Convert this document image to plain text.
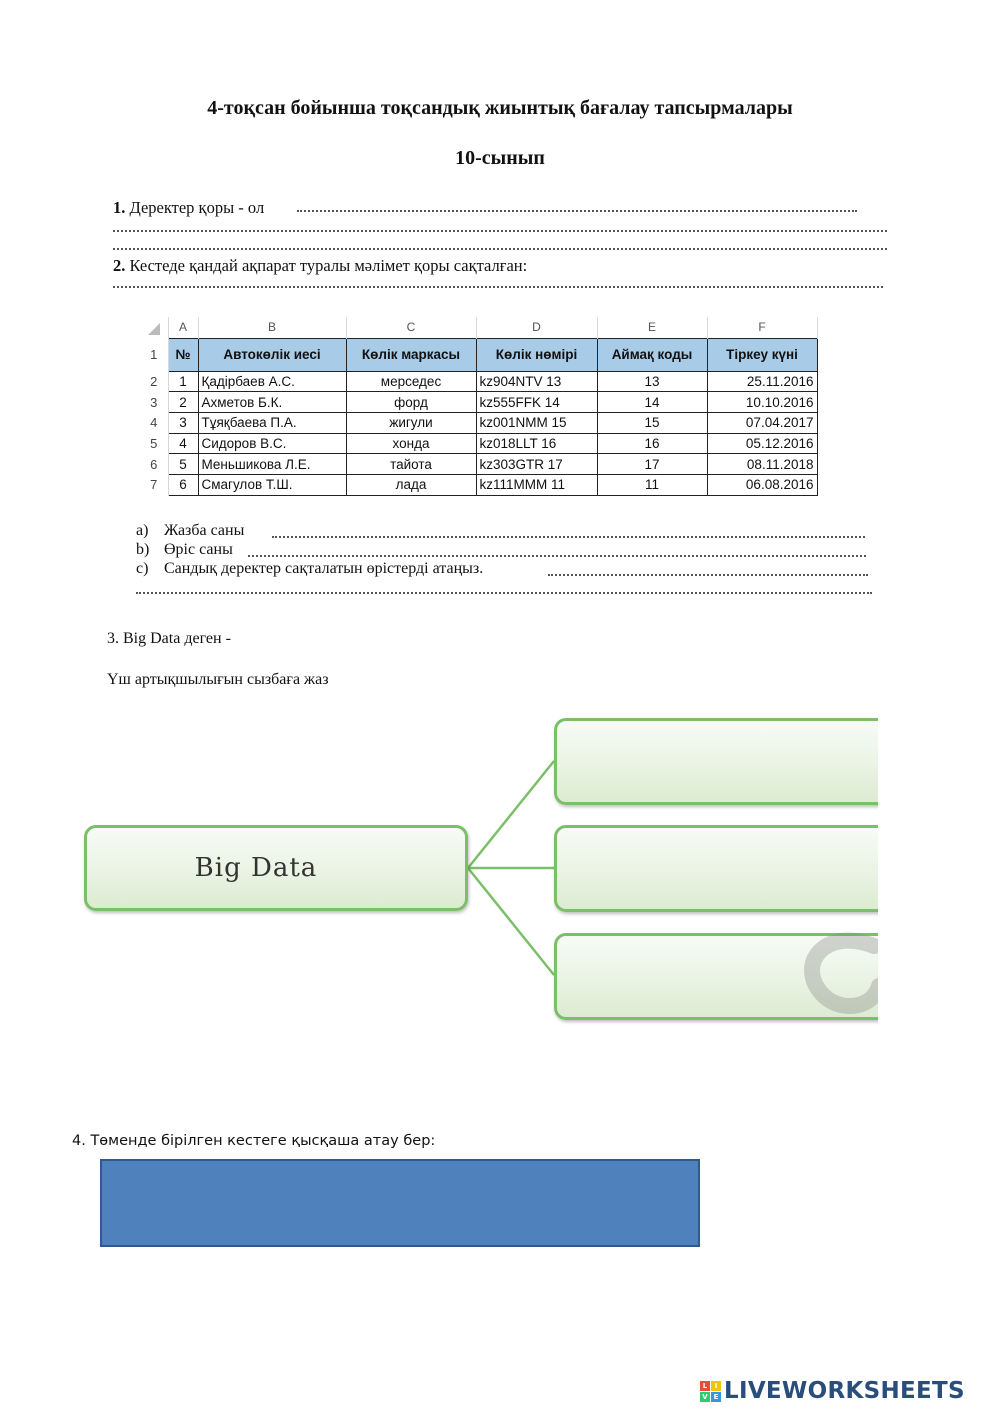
4-тоқсан бойынша тоқсандық жиынтық бағалау тапсырмалары
10-сынып
1. Деректер қоры - ол
2. Кестеде қандай ақпарат туралы мәлімет қоры сақталған:
	A	B	C	D	E	F
1	№	Автокөлік иесі	Көлік маркасы	Көлік нөмірі	Аймақ коды	Тіркеу күні
2	1	Қадірбаев А.С.	мерседес	kz904NTV 13	13	25.11.2016
3	2	Ахметов Б.К.	форд	kz555FFK 14	14	10.10.2016
4	3	Тұяқбаева П.А.	жигули	kz001NMM 15	15	07.04.2017
5	4	Сидоров В.С.	хонда	kz018LLT 16	16	05.12.2016
6	5	Меньшикова Л.Е.	тайота	kz303GTR 17	17	08.11.2018
7	6	Смагулов Т.Ш.	лада	kz111MMM 11	11	06.08.2016
a) Жазба саны
b) Өріс саны
c) Сандық деректер сақталатын өрістерді атаңыз.
3. Big Data деген -
Үш артықшылығын сызбаға жаз
Big Data
4. Төменде бірілген кестеге қысқаша атау бер:
L	I
V E LIVEWORKSHEETS
